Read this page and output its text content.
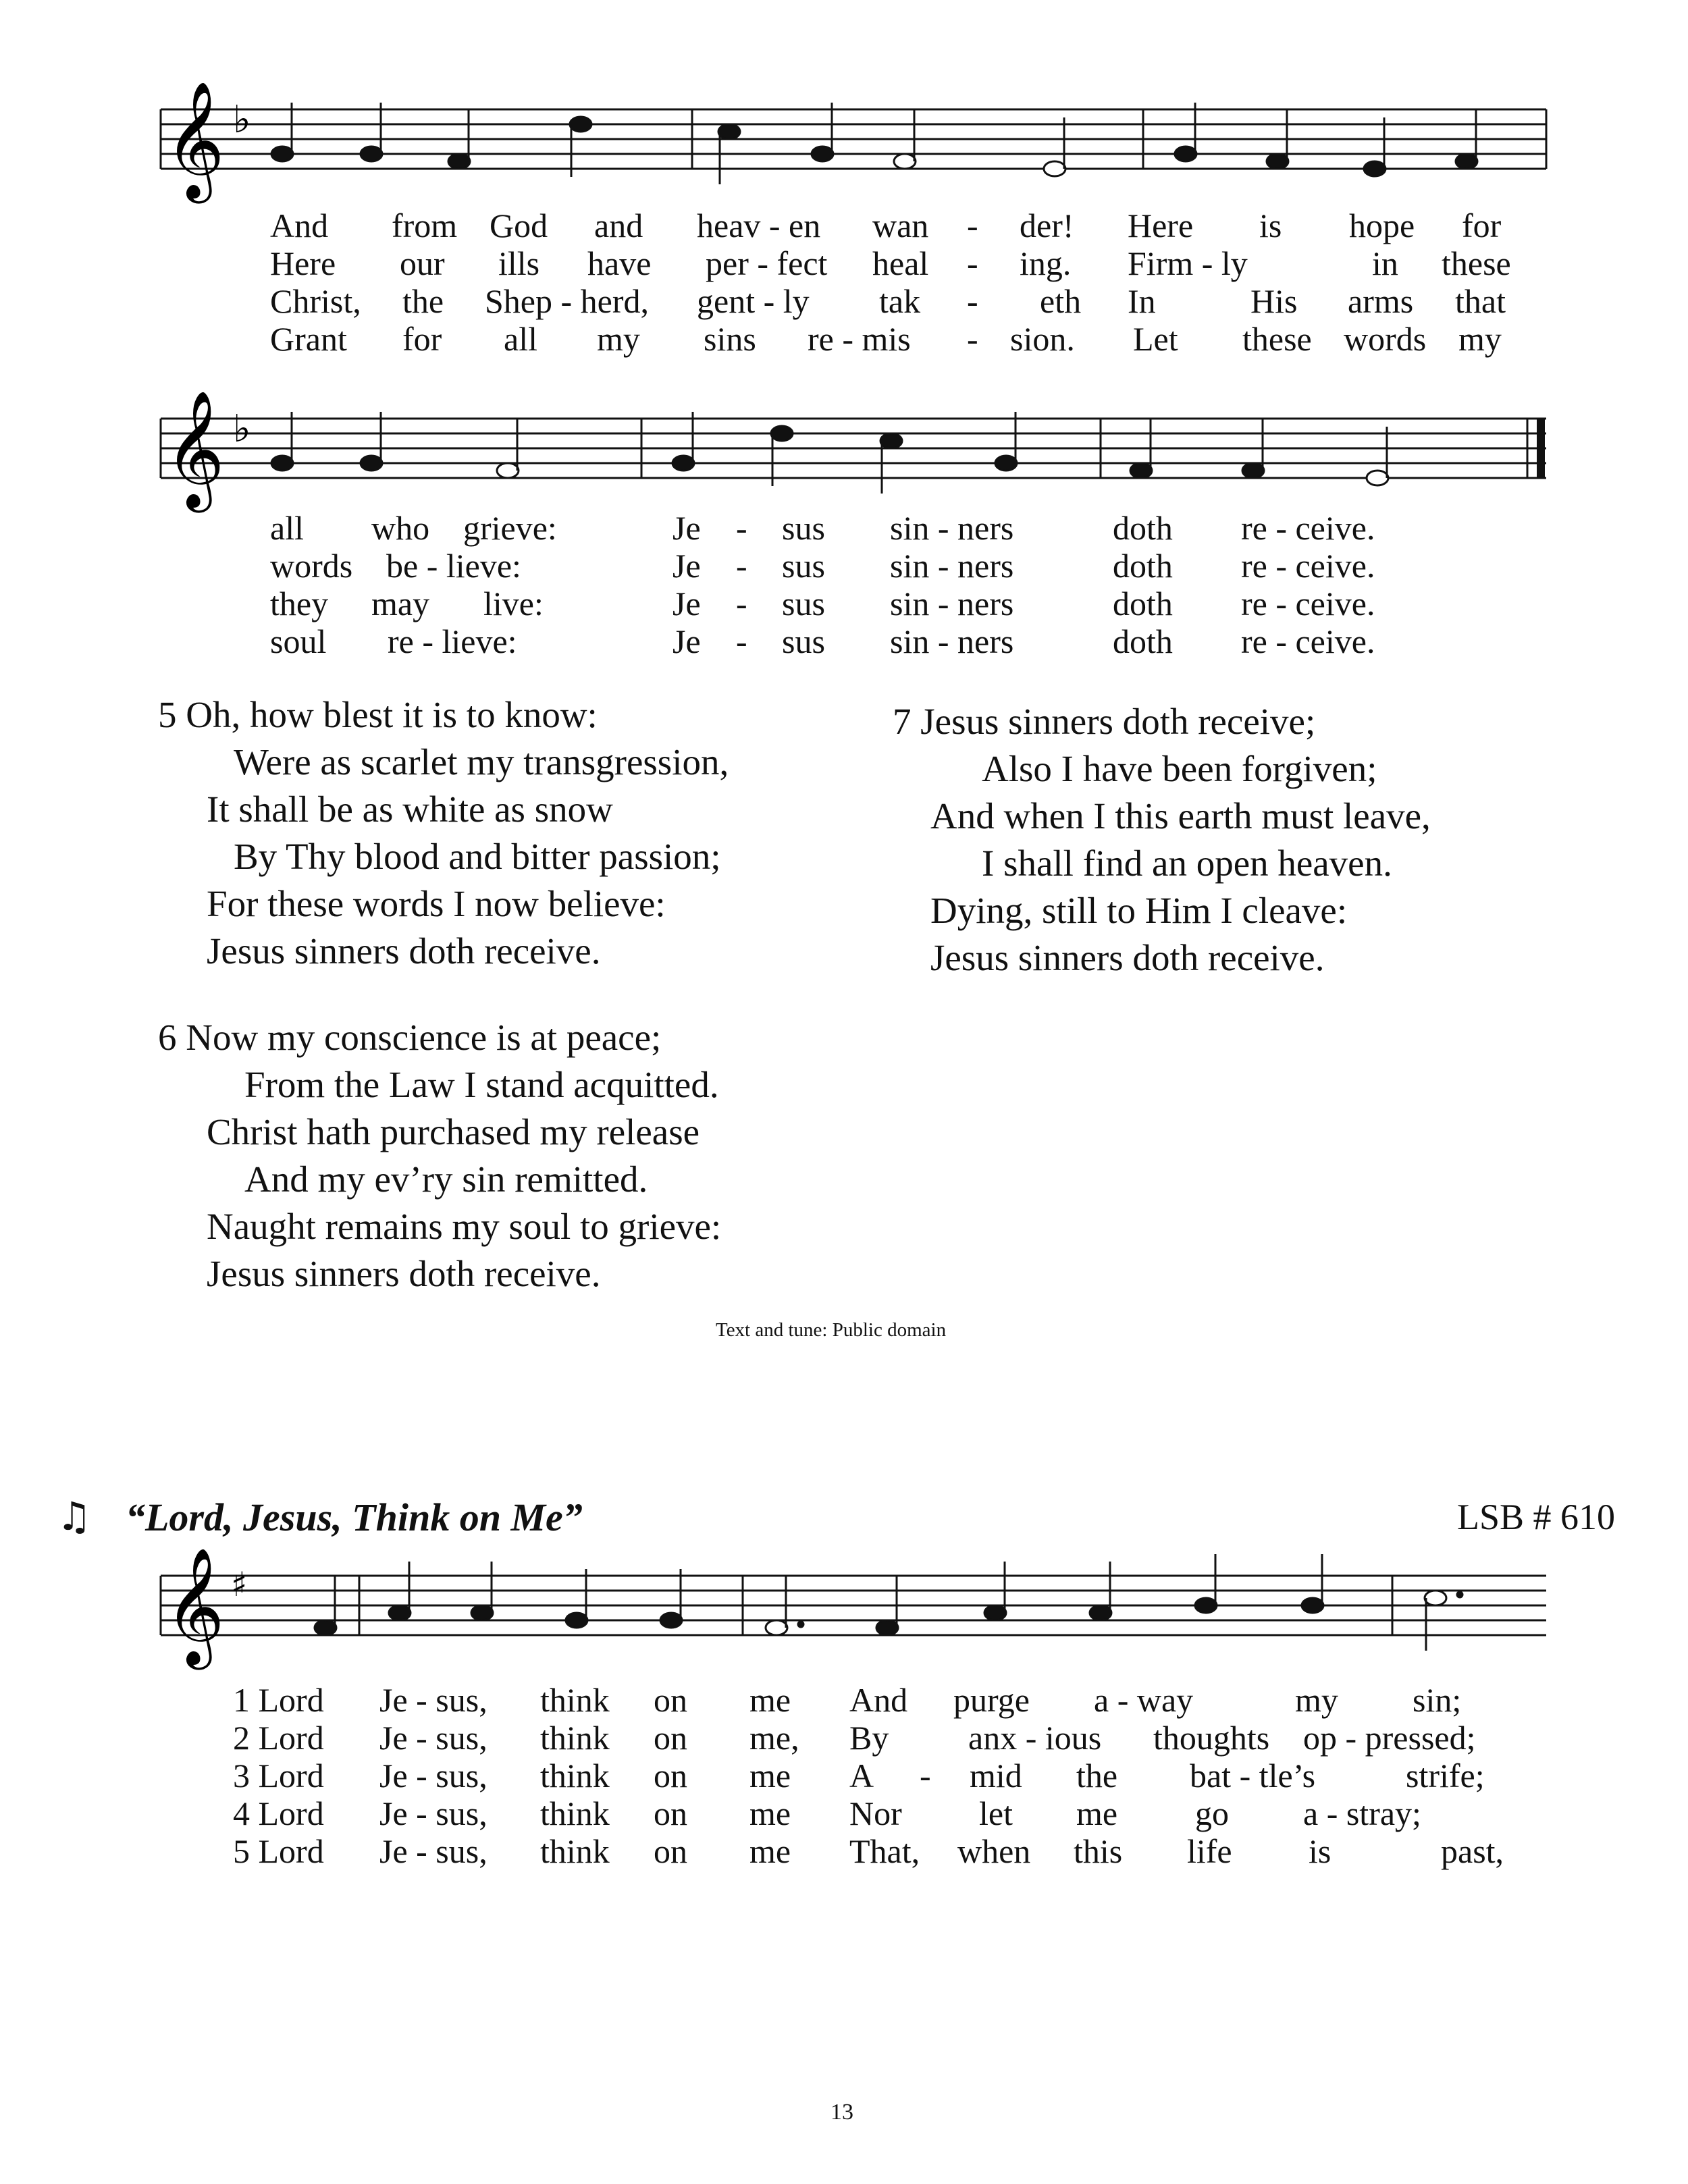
𝄞 ♭
𝄞 ♭
𝄞 ♯
And from God and heav - en wan - der! Here is hope for
Here our ills have per - fect heal - ing. Firm - ly	in these
Christ, the Shep - herd, gent - ly tak - eth In	His arms that
Grant for all my sins re - mis - sion. Let these words my
all who grieve:	Je - sus sin - ners	doth re - ceive.
words be - lieve:	Je - sus sin - ners	doth re - ceive.
they may live:	Je - sus sin - ners	doth re - ceive.
soul re - lieve:	Je - sus sin - ners	doth re - ceive.
5 Oh, how blest it is to know:
Were as scarlet my transgression,
It shall be as white as snow
By Thy blood and bitter passion;
For these words I now believe:
Jesus sinners doth receive.
6 Now my conscience is at peace;
From the Law I stand acquitted.
Christ hath purchased my release
And my ev’ry sin remitted.
Naught remains my soul to grieve:
Jesus sinners doth receive.
7 Jesus sinners doth receive;
Also I have been forgiven;
And when I this earth must leave,
I shall find an open heaven.
Dying, still to Him I cleave:
Jesus sinners doth receive.
Text and tune: Public domain
♫ “Lord, Jesus, Think on Me”	LSB # 610
1 Lord Je - sus, think on me And purge a - way	my sin;
2 Lord Je - sus, think on me, By anx - ious thoughts op - pressed;
3 Lord Je - sus, think on me A - mid the bat - tle’s	strife;
4 Lord Je - sus, think on me Nor let me go a - stray;
5 Lord Je - sus, think on me That, when this life is	past,
13
